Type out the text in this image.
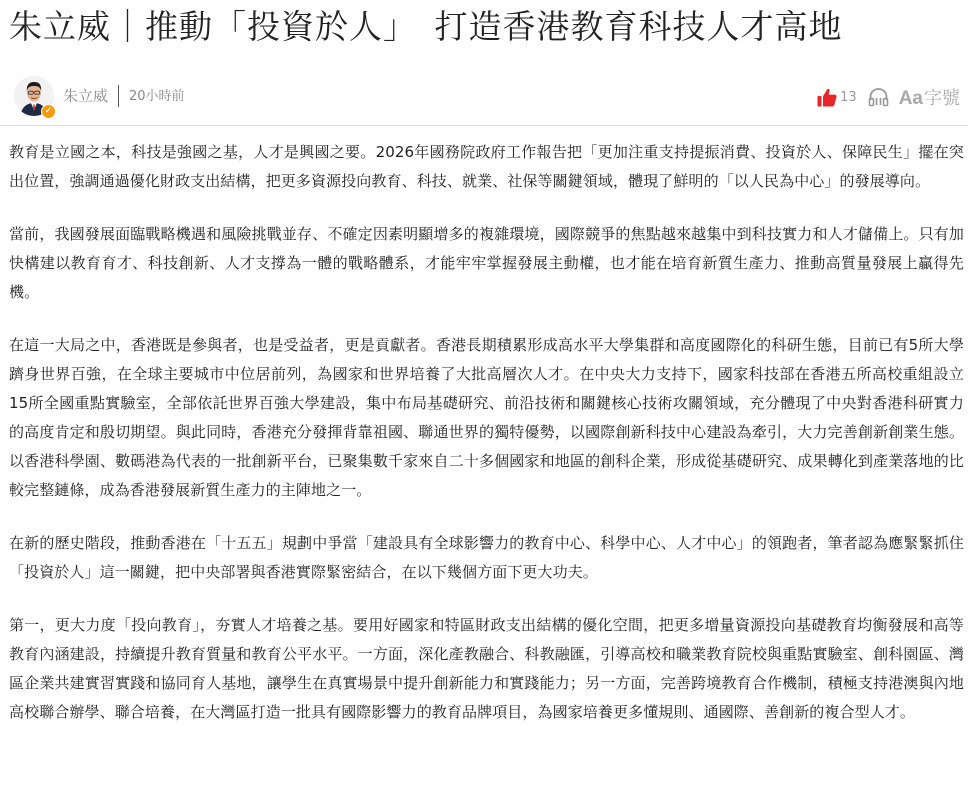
朱立威｜推動「投資於人」　打造香港教育科技人才高地
✓
朱立威 20小時前	13 Aa 字號

教育是立國之本，科技是強國之基，人才是興國之要。2026年國務院政府工作報告把「更加注重支持提振消費、投資於人、保障民生」擺在突出位置，強調通過優化財政支出結構，把更多資源投向教育、科技、就業、社保等關鍵領域，體現了鮮明的「以人民為中心」的發展導向。

當前，我國發展面臨戰略機遇和風險挑戰並存、不確定因素明顯增多的複雜環境，國際競爭的焦點越來越集中到科技實力和人才儲備上。只有加快構建以教育育才、科技創新、人才支撐為一體的戰略體系，才能牢牢掌握發展主動權，也才能在培育新質生產力、推動高質量發展上贏得先機。

在這一大局之中，香港既是參與者，也是受益者，更是貢獻者。香港長期積累形成高水平大學集群和高度國際化的科研生態，目前已有5所大學躋身世界百強，在全球主要城市中位居前列，為國家和世界培養了大批高層次人才。在中央大力支持下，國家科技部在香港五所高校重組設立15所全國重點實驗室，全部依託世界百強大學建設，集中布局基礎研究、前沿技術和關鍵核心技術攻關領域，充分體現了中央對香港科研實力的高度肯定和殷切期望。與此同時，香港充分發揮背靠祖國、聯通世界的獨特優勢，以國際創新科技中心建設為牽引，大力完善創新創業生態。以香港科學園、數碼港為代表的一批創新平台，已聚集數千家來自二十多個國家和地區的創科企業，形成從基礎研究、成果轉化到產業落地的比較完整鏈條，成為香港發展新質生產力的主陣地之一。

在新的歷史階段，推動香港在「十五五」規劃中爭當「建設具有全球影響力的教育中心、科學中心、人才中心」的領跑者，筆者認為應緊緊抓住「投資於人」這一關鍵，把中央部署與香港實際緊密結合，在以下幾個方面下更大功夫。

第一，更大力度「投向教育」，夯實人才培養之基。要用好國家和特區財政支出結構的優化空間，把更多增量資源投向基礎教育均衡發展和高等教育內涵建設，持續提升教育質量和教育公平水平。一方面，深化產教融合、科教融匯，引導高校和職業教育院校與重點實驗室、創科園區、灣區企業共建實習實踐和協同育人基地，讓學生在真實場景中提升創新能力和實踐能力；另一方面，完善跨境教育合作機制，積極支持港澳與內地高校聯合辦學、聯合培養，在大灣區打造一批具有國際影響力的教育品牌項目，為國家培養更多懂規則、通國際、善創新的複合型人才。
